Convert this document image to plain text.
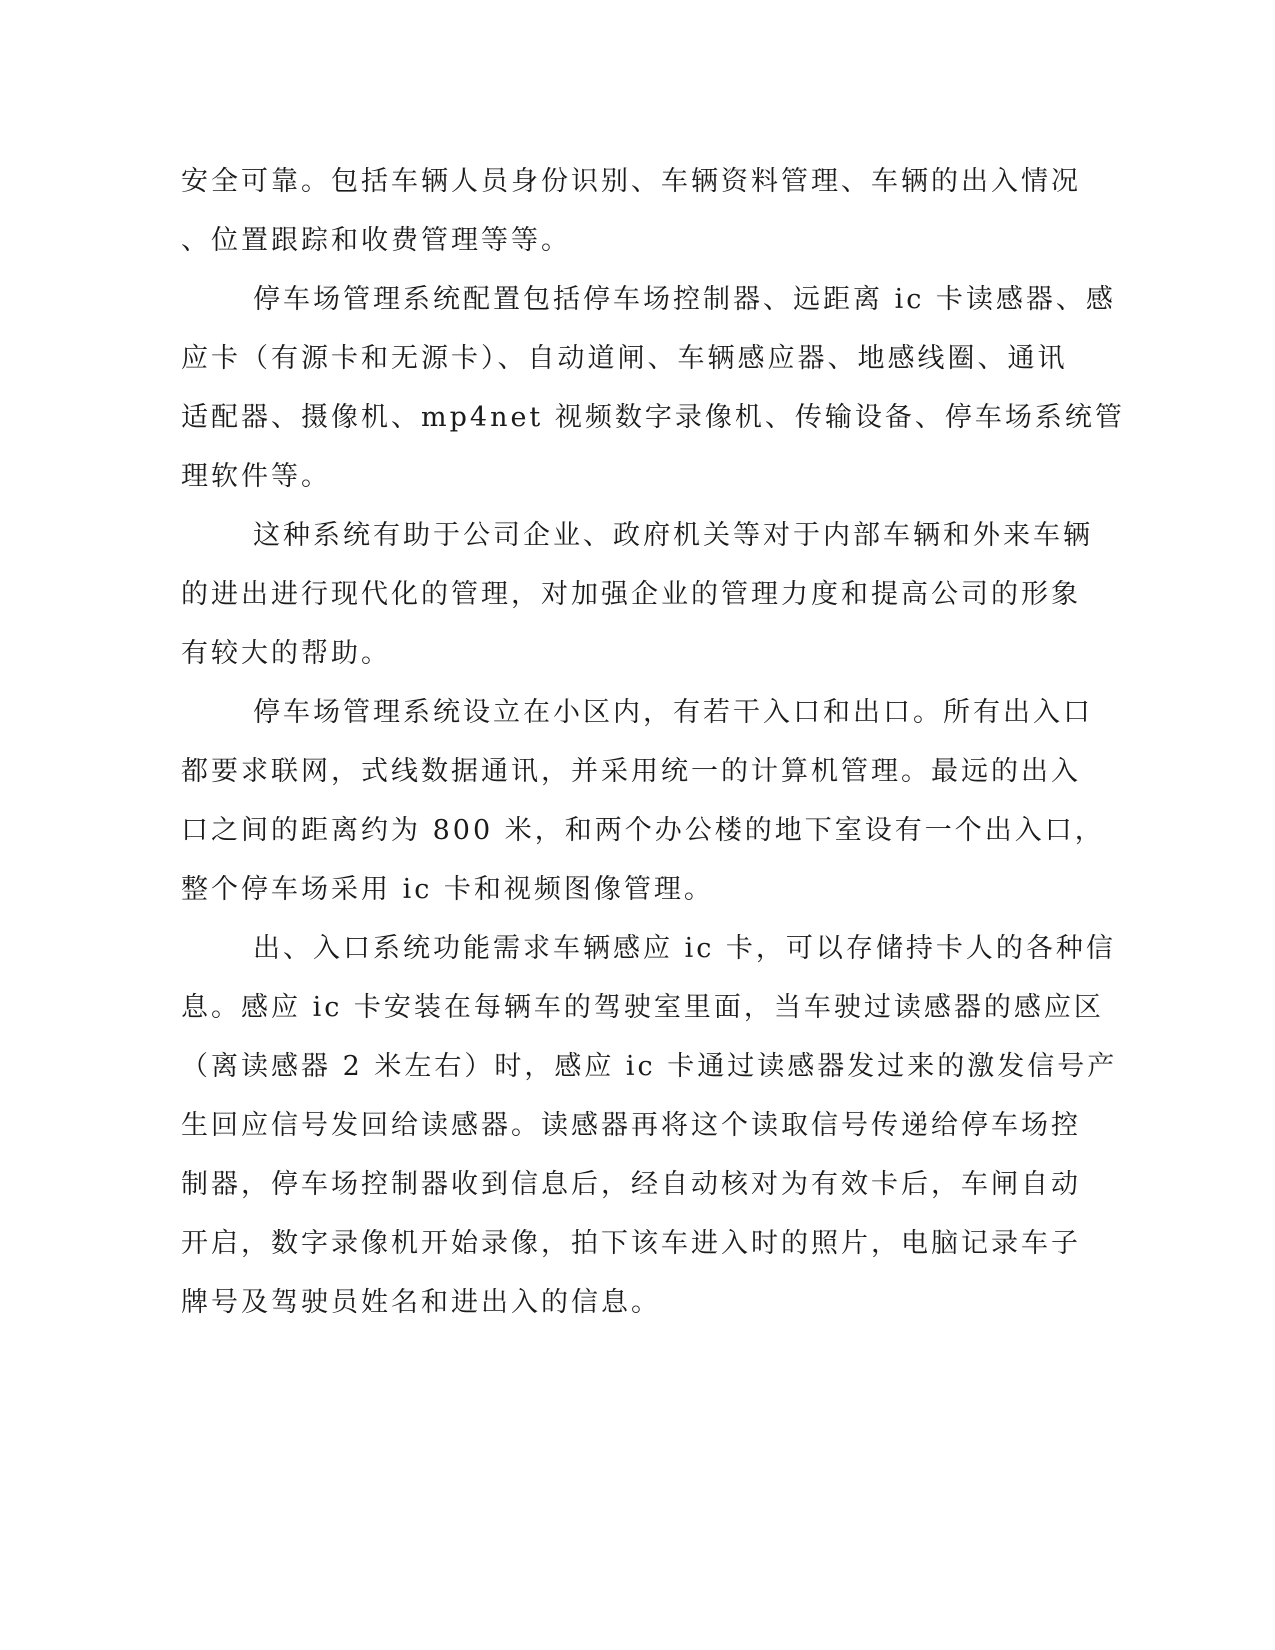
安全可靠。包括车辆人员身份识别、车辆资料管理、车辆的出入情况
、位置跟踪和收费管理等等。
停车场管理系统配置包括停车场控制器、远距离 ic 卡读感器、感
应卡（有源卡和无源卡）、自动道闸、车辆感应器、地感线圈、通讯
适配器、摄像机、mp4net 视频数字录像机、传输设备、停车场系统管
理软件等。
这种系统有助于公司企业、政府机关等对于内部车辆和外来车辆
的进出进行现代化的管理，对加强企业的管理力度和提高公司的形象
有较大的帮助。
停车场管理系统设立在小区内，有若干入口和出口。所有出入口
都要求联网，式线数据通讯，并采用统一的计算机管理。最远的出入
口之间的距离约为 800 米，和两个办公楼的地下室设有一个出入口，
整个停车场采用 ic 卡和视频图像管理。
出、入口系统功能需求车辆感应 ic 卡，可以存储持卡人的各种信
息。感应 ic 卡安装在每辆车的驾驶室里面，当车驶过读感器的感应区
（离读感器 2 米左右）时，感应 ic 卡通过读感器发过来的激发信号产
生回应信号发回给读感器。读感器再将这个读取信号传递给停车场控
制器，停车场控制器收到信息后，经自动核对为有效卡后，车闸自动
开启，数字录像机开始录像，拍下该车进入时的照片，电脑记录车子
牌号及驾驶员姓名和进出入的信息。
